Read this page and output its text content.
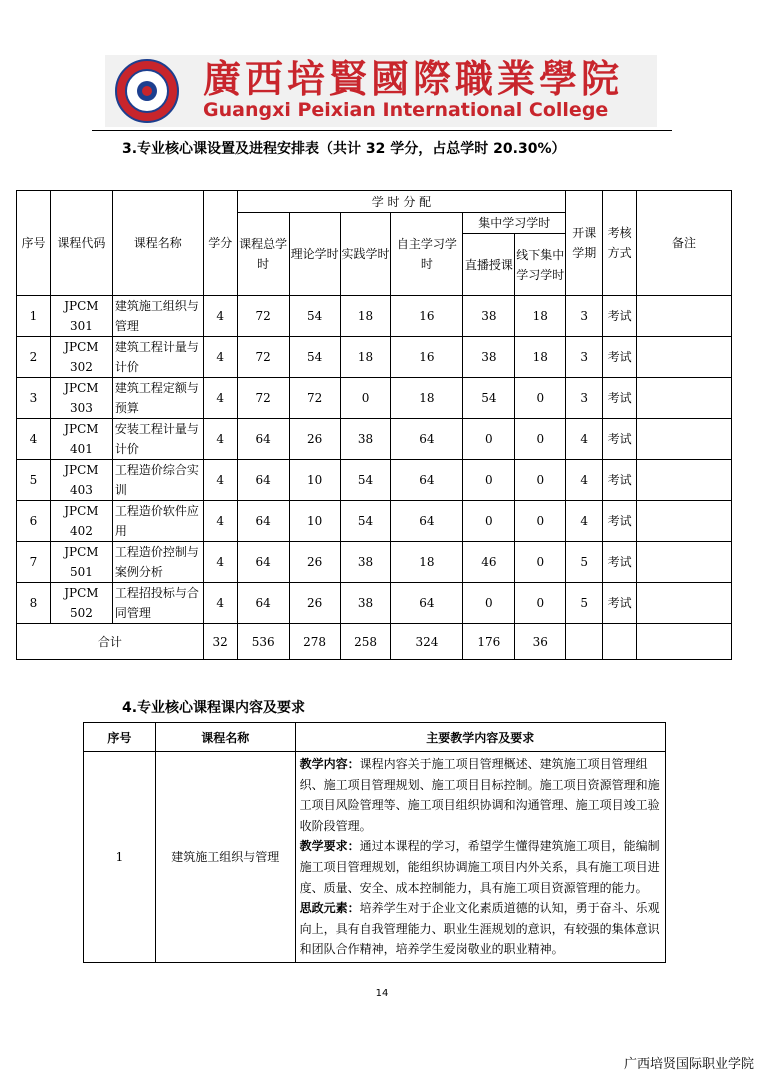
廣西培賢國際職業學院
Guangxi Peixian International College
3.专业核心课设置及进程安排表（共计 32 学分，占总学时 20.30%）
序号	课程代码	课程名称	学分	学 时 分 配						开课学期	考核方式	备注
				课程总学时	理论学时	实践学时	自主学习学时	集中学习学时				
								直播授课	线下集中学习学时			
1	JPCM 301	建筑施工组织与管理	4	72	54	18	16	38	18	3	考试	
2	JPCM 302	建筑工程计量与计价	4	72	54	18	16	38	18	3	考试	
3	JPCM 303	建筑工程定额与预算	4	72	72	0	18	54	0	3	考试	
4	JPCM 401	安装工程计量与计价	4	64	26	38	64	0	0	4	考试	
5	JPCM 403	工程造价综合实训	4	64	10	54	64	0	0	4	考试	
6	JPCM 402	工程造价软件应用	4	64	10	54	64	0	0	4	考试	
7	JPCM 501	工程造价控制与案例分析	4	64	26	38	18	46	0	5	考试	
8	JPCM 502	工程招投标与合同管理	4	64	26	38	64	0	0	5	考试	
合计			32	536	278	258	324	176	36			
4.专业核心课程课内容及要求
序号	课程名称	主要教学内容及要求
1	建筑施工组织与管理	教学内容：课程内容关于施工项目管理概述、建筑施工项目管理组织、施工项目管理规划、施工项目目标控制。施工项目资源管理和施工项目风险管理等、施工项目组织协调和沟通管理、施工项目竣工验收阶段管理。
教学要求：通过本课程的学习，希望学生懂得建筑施工项目，能编制施工项目管理规划，能组织协调施工项目内外关系，具有施工项目进度、质量、安全、成本控制能力，具有施工项目资源管理的能力。
思政元素：培养学生对于企业文化素质道德的认知，勇于奋斗、乐观向上，具有自我管理能力、职业生涯规划的意识，有较强的集体意识和团队合作精神，培养学生爱岗敬业的职业精神。
14
广西培贤国际职业学院
